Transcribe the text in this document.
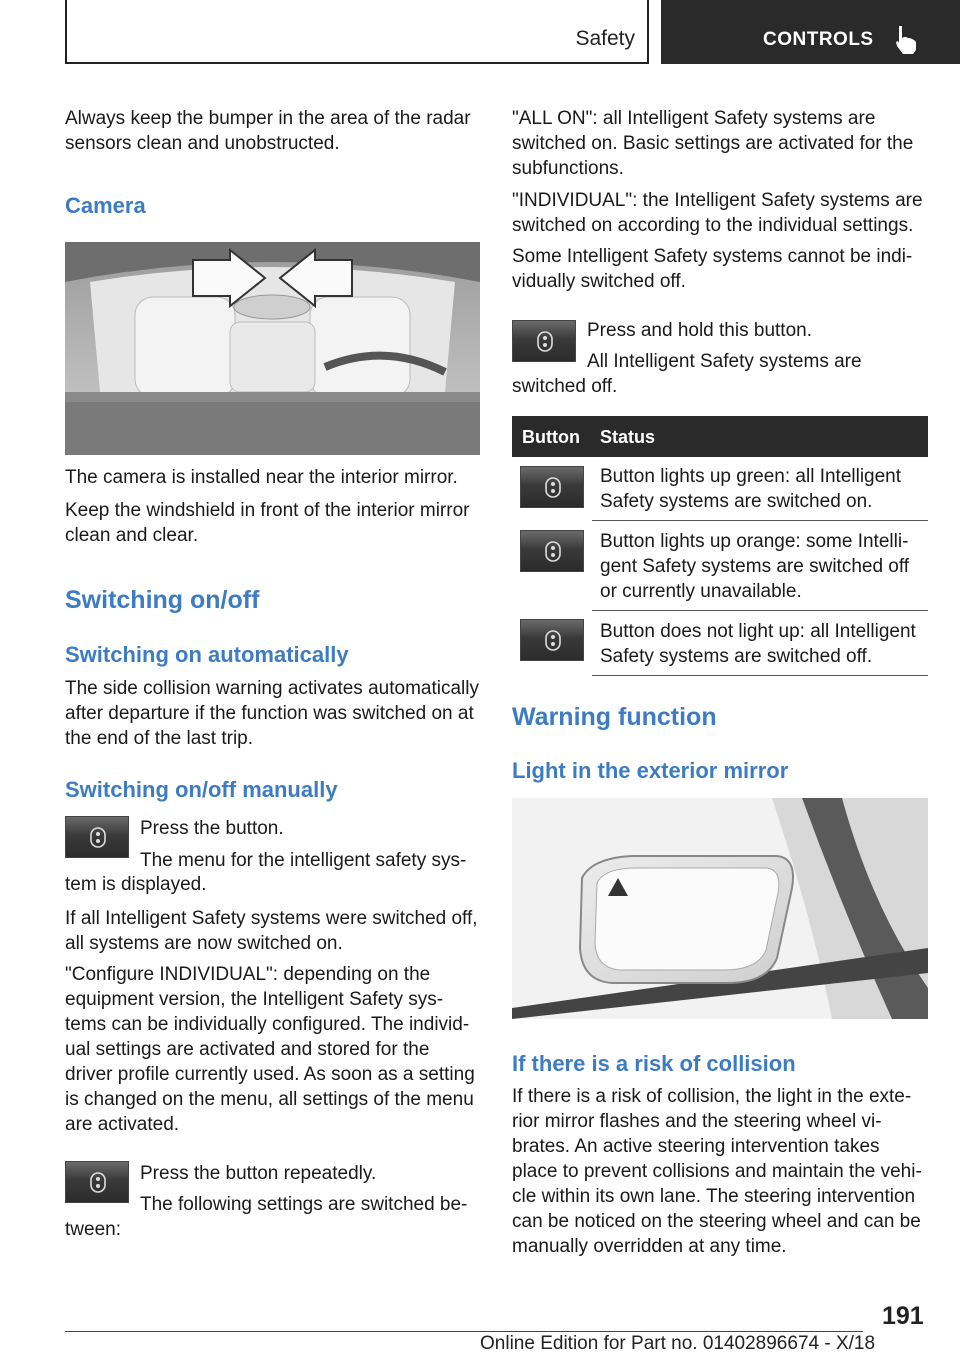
Safety	CONTROLS
Always keep the bumper in the area of the radar
sensors clean and unobstructed.
Camera
The camera is installed near the interior mirror.
Keep the windshield in front of the interior mirror
clean and clear.
Switching on/off
Switching on automatically
The side collision warning activates automatically
after departure if the function was switched on at
the end of the last trip.
Switching on/off manually
Press the button.
The menu for the intelligent safety sys-
tem is displayed.
If all Intelligent Safety systems were switched off,
all systems are now switched on.
"Configure INDIVIDUAL": depending on the
equipment version, the Intelligent Safety sys-
tems can be individually configured. The individ-
ual settings are activated and stored for the
driver profile currently used. As soon as a setting
is changed on the menu, all settings of the menu
are activated.
Press the button repeatedly.
The following settings are switched be-
tween:
"ALL ON": all Intelligent Safety systems are
switched on. Basic settings are activated for the
subfunctions.
"INDIVIDUAL": the Intelligent Safety systems are
switched on according to the individual settings.
Some Intelligent Safety systems cannot be indi-
vidually switched off.
Press and hold this button.
All Intelligent Safety systems are
switched off.
Button Status
Button lights up green: all Intelligent
Safety systems are switched on.
Button lights up orange: some Intelli-
gent Safety systems are switched off
or currently unavailable.
Button does not light up: all Intelligent
Safety systems are switched off.
Warning function
Light in the exterior mirror
If there is a risk of collision
If there is a risk of collision, the light in the exte-
rior mirror flashes and the steering wheel vi-
brates. An active steering intervention takes
place to prevent collisions and maintain the vehi-
cle within its own lane. The steering intervention
can be noticed on the steering wheel and can be
manually overridden at any time.
191
Online Edition for Part no. 01402896674 - X/18
